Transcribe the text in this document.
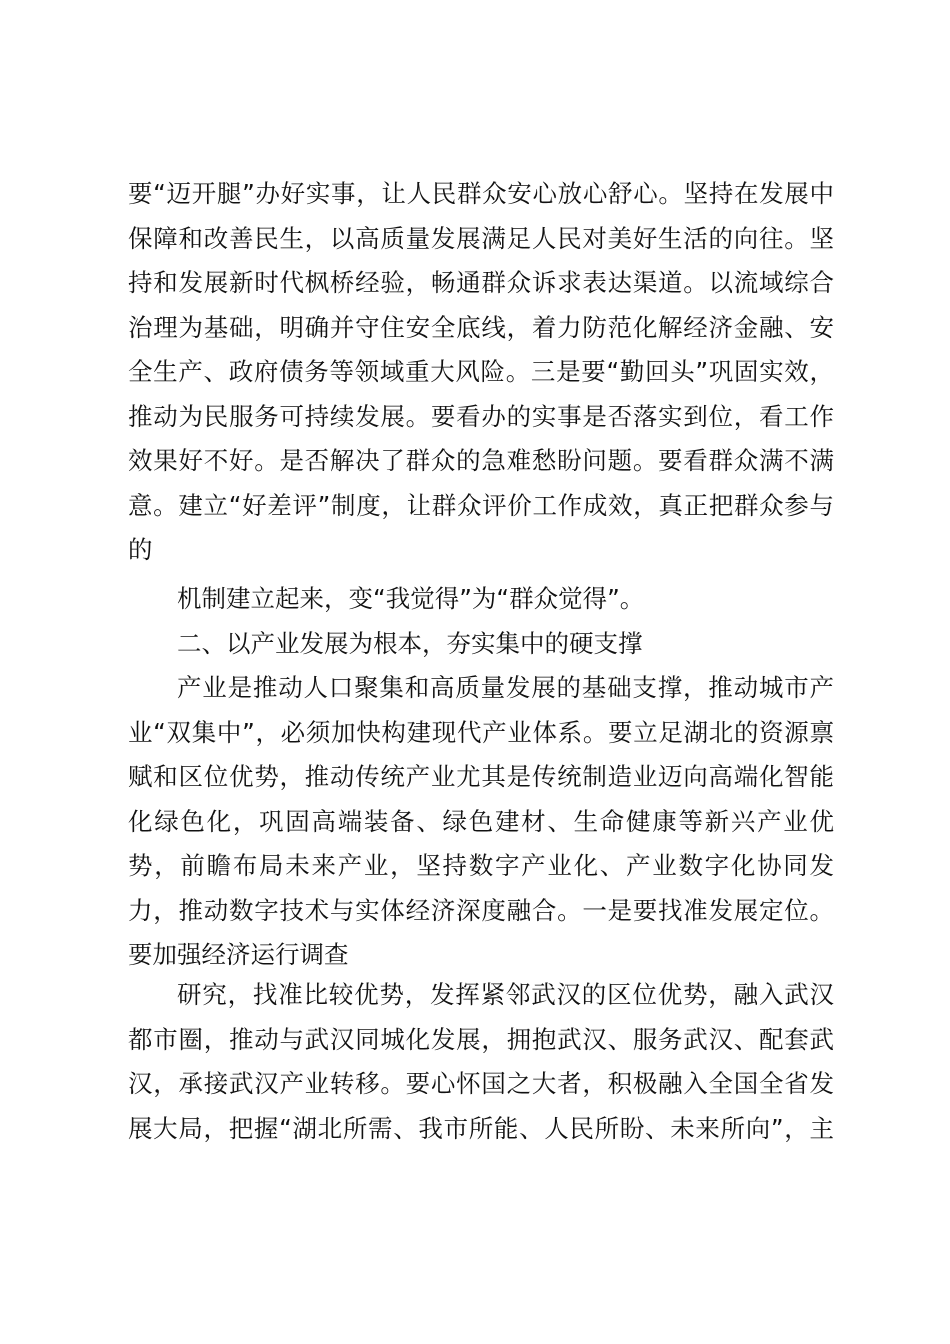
要“迈开腿”办好实事，让人民群众安心放心舒心。坚持在发展中
保障和改善民生，以高质量发展满足人民对美好生活的向往。坚
持和发展新时代枫桥经验，畅通群众诉求表达渠道。以流域综合
治理为基础，明确并守住安全底线，着力防范化解经济金融、安
全生产、政府债务等领域重大风险。三是要“勤回头”巩固实效，
推动为民服务可持续发展。要看办的实事是否落实到位，看工作
效果好不好。是否解决了群众的急难愁盼问题。要看群众满不满
意。建立“好差评”制度，让群众评价工作成效，真正把群众参与
的
机制建立起来，变“我觉得”为“群众觉得”。
二、以产业发展为根本，夯实集中的硬支撑
产业是推动人口聚集和高质量发展的基础支撑，推动城市产
业“双集中”，必须加快构建现代产业体系。要立足湖北的资源禀
赋和区位优势，推动传统产业尤其是传统制造业迈向高端化智能
化绿色化，巩固高端装备、绿色建材、生命健康等新兴产业优
势，前瞻布局未来产业，坚持数字产业化、产业数字化协同发
力，推动数字技术与实体经济深度融合。一是要找准发展定位。
要加强经济运行调查
研究，找准比较优势，发挥紧邻武汉的区位优势，融入武汉
都市圈，推动与武汉同城化发展，拥抱武汉、服务武汉、配套武
汉，承接武汉产业转移。要心怀国之大者，积极融入全国全省发
展大局，把握“湖北所需、我市所能、人民所盼、未来所向”，主
